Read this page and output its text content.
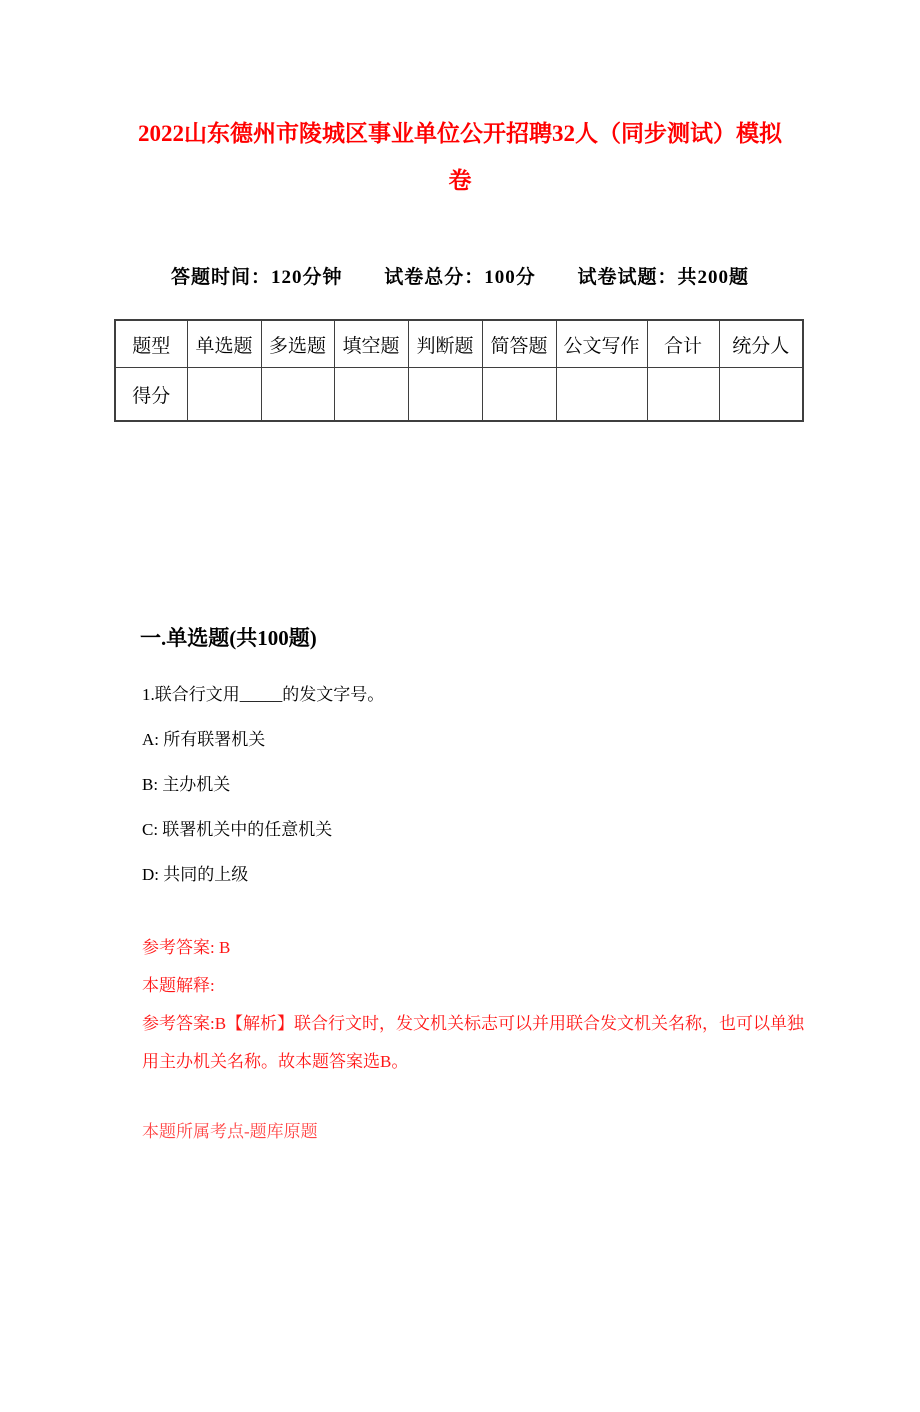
2022山东德州市陵城区事业单位公开招聘32人（同步测试）模拟
卷
答题时间：120分钟 试卷总分：100分 试卷试题：共200题
题型	单选题	多选题	填空题	判断题	简答题	公文写作	合计	统分人
得分								
一.单选题(共100题)
1.联合行文用_____的发文字号。
A: 所有联署机关
B: 主办机关
C: 联署机关中的任意机关
D: 共同的上级
参考答案: B
本题解释:
参考答案:B【解析】联合行文时，发文机关标志可以并用联合发文机关名称，也可以单独用主办机关名称。故本题答案选B。
本题所属考点-题库原题
